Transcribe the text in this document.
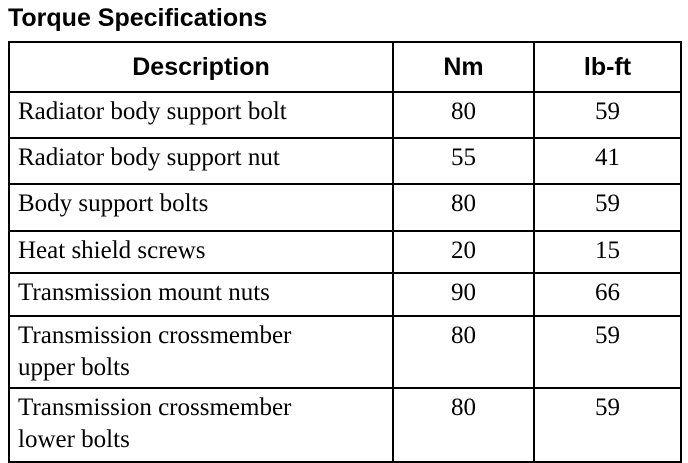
Torque Specifications
Description	Nm	lb-ft

Radiator body support bolt	80	59

Radiator body support nut	55	41

Body support bolts	80	59

Heat shield screws	20	15

Transmission mount nuts	90	66

Transmission crossmember
upper bolts	80	59

Transmission crossmember
lower bolts	80	59
